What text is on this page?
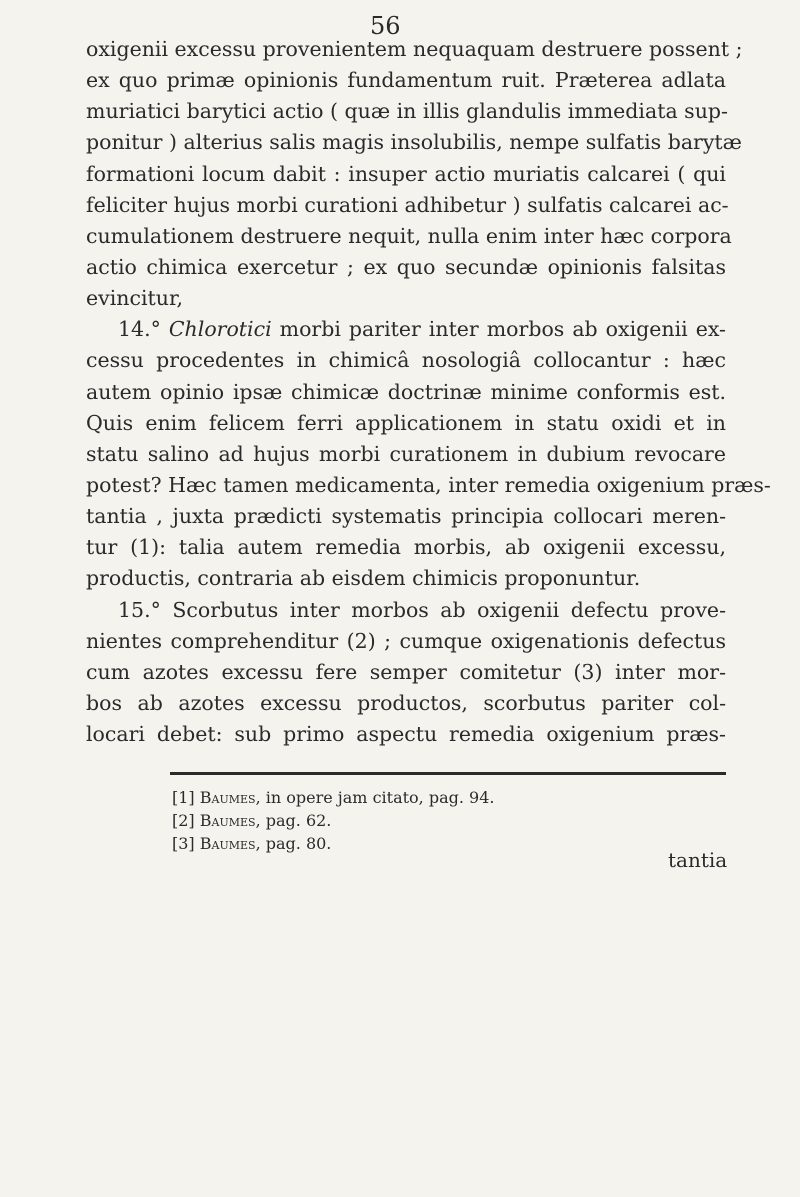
56
oxigenii excessu provenientem nequaquam destruere possent ;
ex quo primæ opinionis fundamentum ruit. Præterea adlata
muriatici barytici actio ( quæ in illis glandulis immediata sup-
ponitur ) alterius salis magis insolubilis, nempe sulfatis barytæ
formationi locum dabit : insuper actio muriatis calcarei ( qui
feliciter hujus morbi curationi adhibetur ) sulfatis calcarei ac-
cumulationem destruere nequit, nulla enim inter hæc corpora
actio chimica exercetur ; ex quo secundæ opinionis falsitas
evincitur,
14.° Chlorotici morbi pariter inter morbos ab oxigenii ex-
cessu procedentes in chimicâ nosologiâ collocantur : hæc
autem opinio ipsæ chimicæ doctrinæ minime conformis est.
Quis enim felicem ferri applicationem in statu oxidi et in
statu salino ad hujus morbi curationem in dubium revocare
potest? Hæc tamen medicamenta, inter remedia oxigenium præs-
tantia , juxta prædicti systematis principia collocari meren-
tur (1): talia autem remedia morbis, ab oxigenii excessu,
productis, contraria ab eisdem chimicis proponuntur.
15.° Scorbutus inter morbos ab oxigenii defectu prove-
nientes comprehenditur (2) ; cumque oxigenationis defectus
cum azotes excessu fere semper comitetur (3) inter mor-
bos ab azotes excessu productos, scorbutus pariter col-
locari debet: sub primo aspectu remedia oxigenium præs-
[1] Baumes, in opere jam citato, pag. 94.
[2] Baumes, pag. 62.
[3] Baumes, pag. 80.
tantia
